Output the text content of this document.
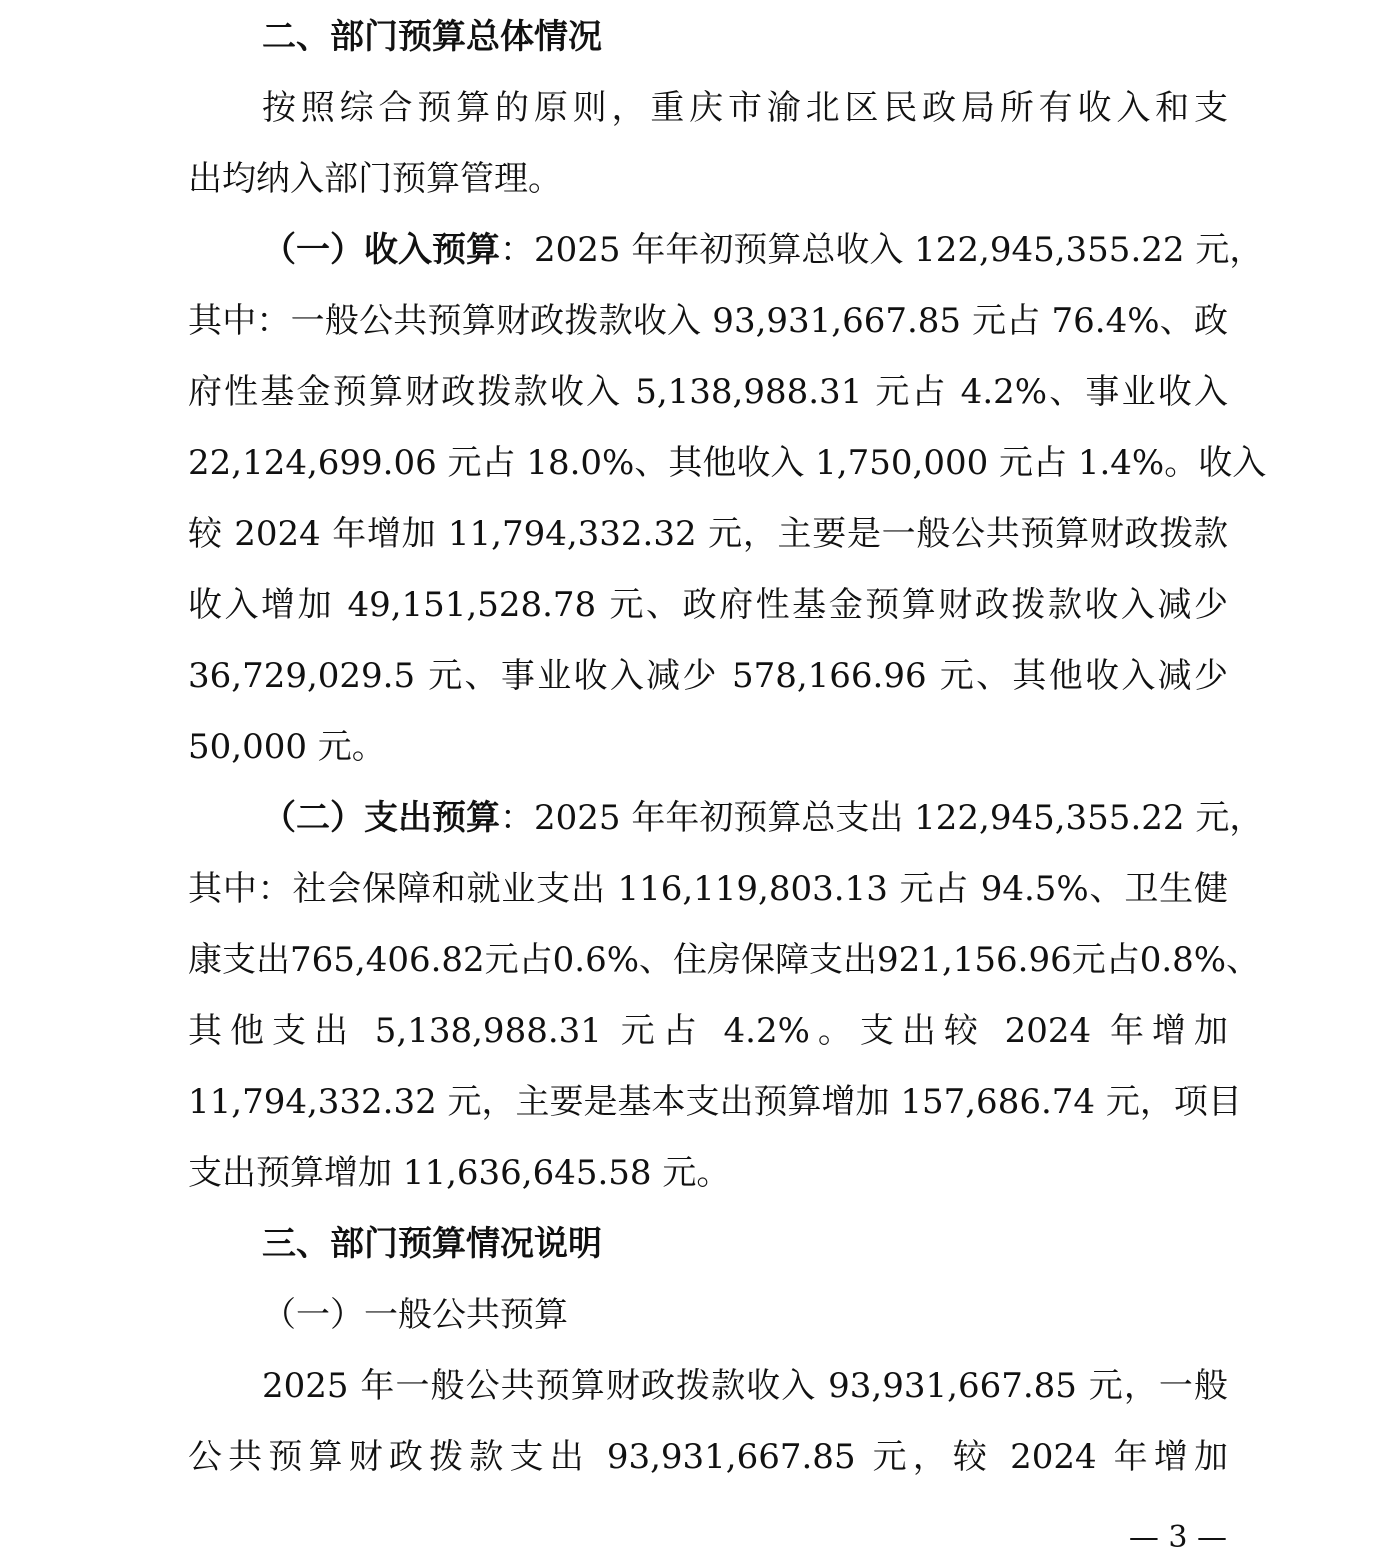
二、部门预算总体情况
按照综合预算的原则，重庆市渝北区民政局所有收入和支
出均纳入部门预算管理。
（一）收入预算：2025 年年初预算总收入 122,945,355.22 元，
其中：一般公共预算财政拨款收入 93,931,667.85 元占 76.4%、政
府性基金预算财政拨款收入 5,138,988.31 元占 4.2%、事业收入
22,124,699.06 元占 18.0%、其他收入 1,750,000 元占 1.4%。收入
较 2024 年增加 11,794,332.32 元，主要是一般公共预算财政拨款
收入增加 49,151,528.78 元、政府性基金预算财政拨款收入减少
36,729,029.5 元、事业收入减少 578,166.96 元、其他收入减少
50,000 元。
（二）支出预算：2025 年年初预算总支出 122,945,355.22 元，
其中：社会保障和就业支出 116,119,803.13 元占 94.5%、卫生健
康支出765,406.82元占0.6%、住房保障支出921,156.96元占0.8%、
其他支出 5,138,988.31 元占 4.2%。支出较 2024 年增加
11,794,332.32 元，主要是基本支出预算增加 157,686.74 元，项目
支出预算增加 11,636,645.58 元。
三、部门预算情况说明
（一）一般公共预算
2025 年一般公共预算财政拨款收入 93,931,667.85 元，一般
公共预算财政拨款支出 93,931,667.85 元，较 2024 年增加
— 3 —
